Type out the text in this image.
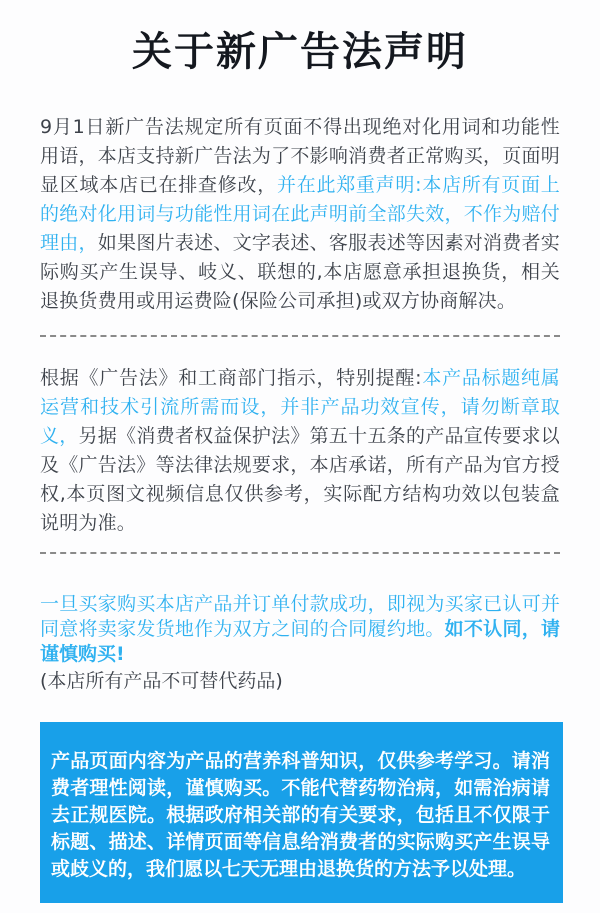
关于新广告法声明

9月1日新广告法规定所有页面不得出现绝对化用词和功能性用语，本店支持新广告法为了不影响消费者正常购买，页面明显区域本店已在排查修改，并在此郑重声明:本店所有页面上的绝对化用词与功能性用词在此声明前全部失效，不作为赔付理由，如果图片表述、文字表述、客服表述等因素对消费者实际购买产生误导、岐义、联想的,本店愿意承担退换货，相关退换货费用或用运费险(保险公司承担)或双方协商解决。

根据《广告法》和工商部门指示，特别提醒:本产品标题纯属运营和技术引流所需而设，并非产品功效宣传，请勿断章取义，另据《消费者权益保护法》第五十五条的产品宣传要求以及《广告法》等法律法规要求，本店承诺，所有产品为官方授权,本页图文视频信息仅供参考，实际配方结构功效以包装盒说明为准。

一旦买家购买本店产品并订单付款成功，即视为买家已认可并同意将卖家发货地作为双方之间的合同履约地。如不认同，请谨慎购买!
(本店所有产品不可替代药品)

产品页面内容为产品的营养科普知识，仅供参考学习。请消费者理性阅读，谨慎购买。不能代替药物治病，如需治病请去正规医院。根据政府相关部的有关要求，包括且不仅限于标题、描述、详情页面等信息给消费者的实际购买产生误导或歧义的，我们愿以七天无理由退换货的方法予以处理。
